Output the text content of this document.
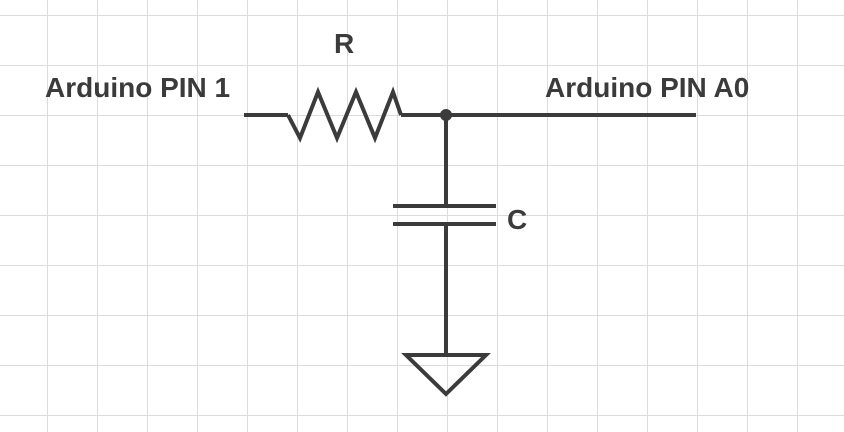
Arduino PIN 1
R
Arduino PIN A0
C
